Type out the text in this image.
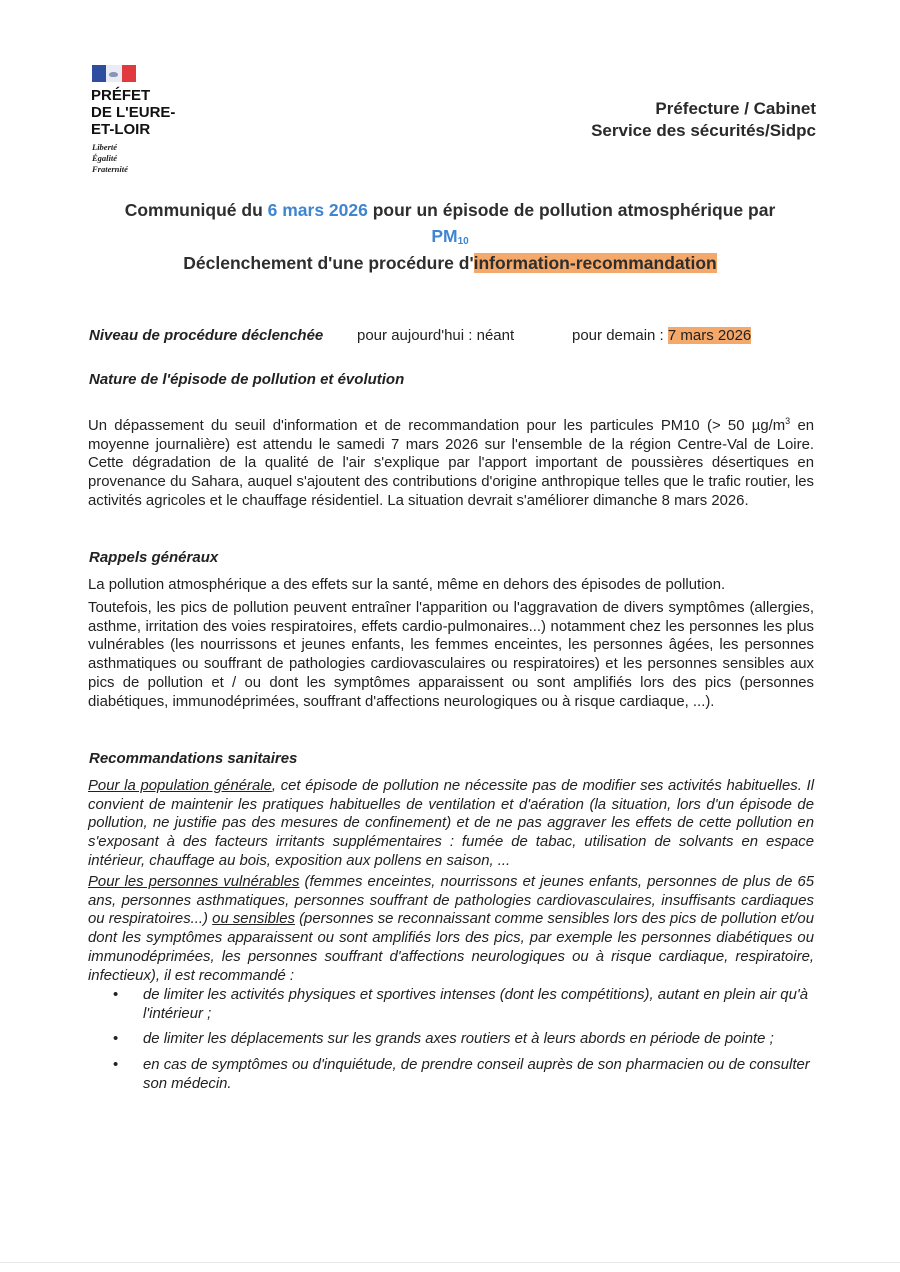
PRÉFET
DE L'EURE-
ET-LOIR
Liberté
Égalité
Fraternité
Préfecture / Cabinet
Service des sécurités/Sidpc
Communiqué du 6 mars 2026 pour un épisode de pollution atmosphérique par
$PM_{10}$
Déclenchement d'une procédure d'information-recommandation
Niveau de procédure déclenchée pour aujourd'hui : néant	pour demain : 7 mars 2026
Nature de l'épisode de pollution et évolution
Un dépassement du seuil d'information et de recommandation pour les particules PM10 (> 50 $\mu g/m^3$ en moyenne journalière) est attendu le samedi 7 mars 2026 sur l'ensemble de la région Centre-Val de Loire. Cette dégradation de la qualité de l'air s'explique par l'apport important de poussières désertiques en provenance du Sahara, auquel s'ajoutent des contributions d'origine anthropique telles que le trafic routier, les activités agricoles et le chauffage résidentiel. La situation devrait s'améliorer dimanche 8 mars 2026.
Rappels généraux
La pollution atmosphérique a des effets sur la santé, même en dehors des épisodes de pollution.
Toutefois, les pics de pollution peuvent entraîner l'apparition ou l'aggravation de divers symptômes (allergies, asthme, irritation des voies respiratoires, effets cardio-pulmonaires...) notamment chez les personnes les plus vulnérables (les nourrissons et jeunes enfants, les femmes enceintes, les personnes âgées, les personnes asthmatiques ou souffrant de pathologies cardiovasculaires ou respiratoires) et les personnes sensibles aux pics de pollution et / ou dont les symptômes apparaissent ou sont amplifiés lors des pics (personnes diabétiques, immunodéprimées, souffrant d'affections neurologiques ou à risque cardiaque, ...).
Recommandations sanitaires
Pour la population générale, cet épisode de pollution ne nécessite pas de modifier ses activités habituelles. Il convient de maintenir les pratiques habituelles de ventilation et d'aération (la situation, lors d'un épisode de pollution, ne justifie pas des mesures de confinement) et de ne pas aggraver les effets de cette pollution en s'exposant à des facteurs irritants supplémentaires : fumée de tabac, utilisation de solvants en espace intérieur, chauffage au bois, exposition aux pollens en saison, ...
Pour les personnes vulnérables (femmes enceintes, nourrissons et jeunes enfants, personnes de plus de 65 ans, personnes asthmatiques, personnes souffrant de pathologies cardiovasculaires, insuffisants cardiaques ou respiratoires...) ou sensibles (personnes se reconnaissant comme sensibles lors des pics de pollution et/ou dont les symptômes apparaissent ou sont amplifiés lors des pics, par exemple les personnes diabétiques ou immunodéprimées, les personnes souffrant d'affections neurologiques ou à risque cardiaque, respiratoire, infectieux), il est recommandé :
• de limiter les activités physiques et sportives intenses (dont les compétitions), autant en plein air qu'à l'intérieur ;
• de limiter les déplacements sur les grands axes routiers et à leurs abords en période de pointe ;
• en cas de symptômes ou d'inquiétude, de prendre conseil auprès de son pharmacien ou de consulter son médecin.
